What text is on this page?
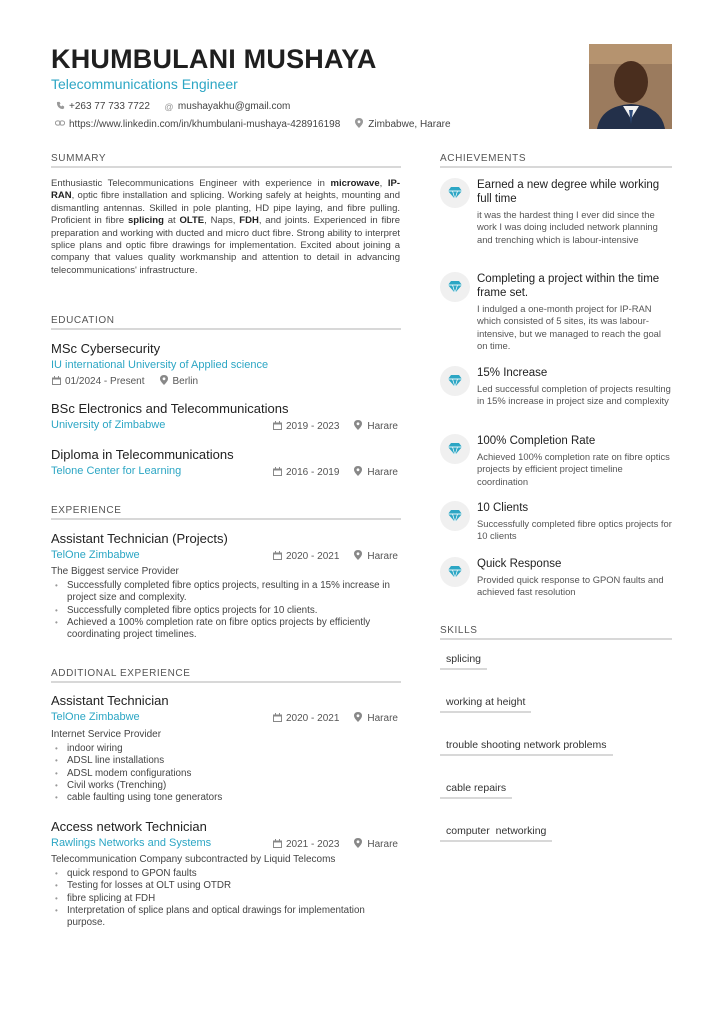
KHUMBULANI MUSHAYA
Telecommunications Engineer
+263 77 733 7722 @ mushayakhu@gmail.com
https://www.linkedin.com/in/khumbulani-mushaya-428916198	Zimbabwe, Harare
SUMMARY
Enthusiastic Telecommunications Engineer with experience in microwave, IP-RAN, optic fibre installation and splicing. Working safely at heights, mounting and dismantling antennas. Skilled in pole planting, HD pipe laying, and fibre pulling. Proficient in fibre splicing at OLTE, Naps, FDH, and joints. Experienced in fibre preparation and working with ducted and micro duct fibre. Strong ability to interpret splice plans and optic fibre drawings for implementation. Excited about joining a company that values quality workmanship and attention to detail in advancing telecommunications' infrastructure.
EDUCATION
MSc Cybersecurity
IU international University of Applied science
01/2024 - Present	Berlin
BSc Electronics and Telecommunications
University of Zimbabwe	2019 - 2023	Harare
Diploma in Telecommunications
Telone Center for Learning	2016 - 2019	Harare
EXPERIENCE
Assistant Technician (Projects)
TelOne Zimbabwe	2020 - 2021	Harare
The Biggest service Provider
• Successfully completed fibre optics projects, resulting in a 15% increase in project size and complexity.
• Successfully completed fibre optics projects for 10 clients.
• Achieved a 100% completion rate on fibre optics projects by efficiently coordinating project timelines.
ADDITIONAL EXPERIENCE
Assistant Technician
TelOne Zimbabwe	2020 - 2021	Harare
Internet Service Provider
• indoor wiring
• ADSL line installations
• ADSL modem configurations
• Civil works (Trenching)
• cable faulting using tone generators
Access network Technician
Rawlings Networks and Systems	2021 - 2023	Harare
Telecommunication Company subcontracted by Liquid Telecoms
• quick respond to GPON faults
• Testing for losses at OLT using OTDR
• fibre splicing at FDH
• Interpretation of splice plans and optical drawings for implementation purpose.
ACHIEVEMENTS
Earned a new degree while working full time
it was the hardest thing I ever did since the work I was doing included network planning and trenching which is labour-intensive
Completing a project within the time frame set.
I indulged a one-month project for IP-RAN which consisted of 5 sites, its was labour-intensive, but we managed to reach the goal on time.
15% Increase
Led successful completion of projects resulting in 15% increase in project size and complexity
100% Completion Rate
Achieved 100% completion rate on fibre optics projects by efficient project timeline coordination
10 Clients
Successfully completed fibre optics projects for 10 clients
Quick Response
Provided quick response to GPON faults and achieved fast resolution
SKILLS
splicing
working at height
trouble shooting network problems
cable repairs
computer  networking
